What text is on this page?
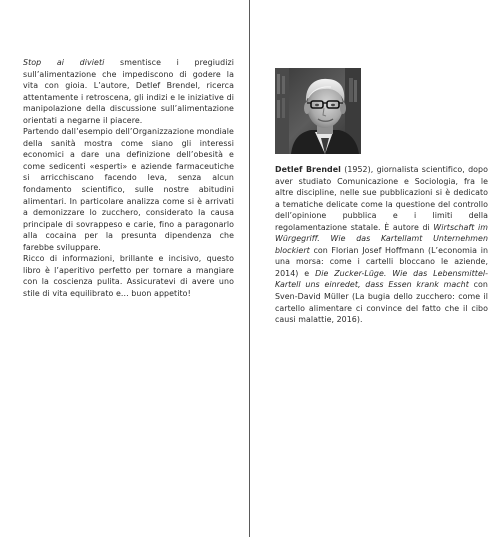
Stop ai divieti smentisce i pregiudizi sull’alimentazione che impediscono di godere la vita con gioia. L’autore, Detlef Brendel, ricerca attentamente i retroscena, gli indizi e le iniziative di manipolazione della discussione sull’alimentazione orientati a negarne il piacere.

Partendo dall’esempio dell’Organizzazione mondiale della sanità mostra come siano gli interessi economici a dare una definizione dell’obesità e come sedicenti «esperti» e aziende farmaceutiche si arricchiscano facendo leva, senza alcun fondamento scientifico, sulle nostre abitudini alimentari. In particolare analizza come si è arrivati a demonizzare lo zucchero, considerato la causa principale di sovrappeso e carie, fino a paragonarlo alla cocaina per la presunta dipendenza che farebbe sviluppare.

Ricco di informazioni, brillante e incisivo, questo libro è l’aperitivo perfetto per tornare a mangiare con la coscienza pulita. Assicuratevi di avere uno stile di vita equilibrato e... buon appetito!

Detlef Brendel (1952), giornalista scientifico, dopo aver studiato Comunicazione e Sociologia, fra le altre discipline, nelle sue pubblicazioni si è dedicato a tematiche delicate come la questione del controllo dell’opinione pubblica e i limiti della regolamentazione statale. È autore di Wirtschaft im Würgegriff. Wie das Kartellamt Unternehmen blockiert con Florian Josef Hoffmann (L’economia in una morsa: come i cartelli bloccano le aziende, 2014) e Die Zucker-Lüge. Wie das Lebensmittel-Kartell uns einredet, dass Essen krank macht con Sven-David Müller (La bugia dello zucchero: come il cartello alimentare ci convince del fatto che il cibo causi malattie, 2016).
